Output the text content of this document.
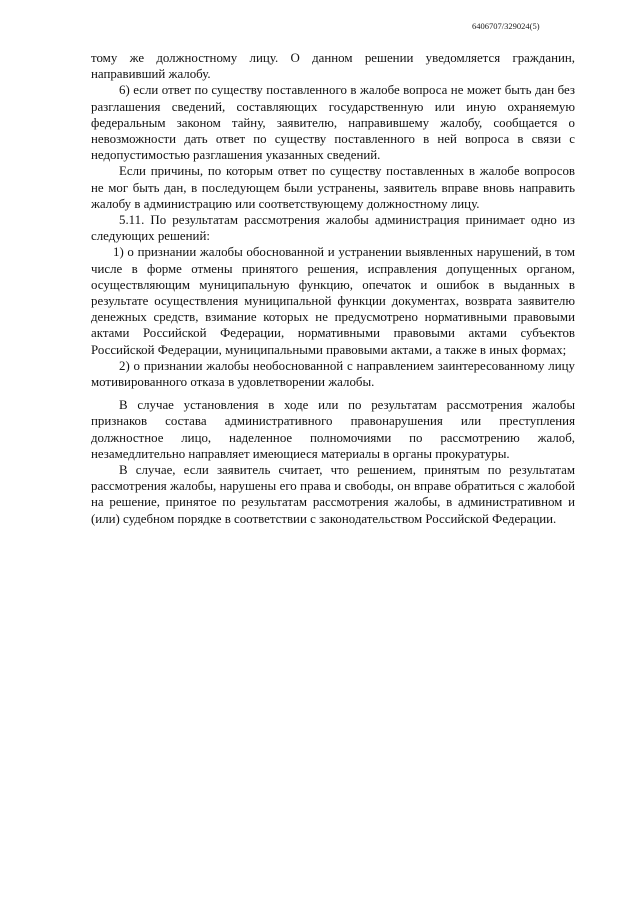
6406707/329024(5)

тому же должностному лицу. О данном решении уведомляется гражданин, направивший жалобу.

6) если ответ по существу поставленного в жалобе вопроса не может быть дан без разглашения сведений, составляющих государственную или иную охраняемую федеральным законом тайну, заявителю, направившему жалобу, сообщается о невозможности дать ответ по существу поставленного в ней вопроса в связи с недопустимостью разглашения указанных сведений.

Если причины, по которым ответ по существу поставленных в жалобе вопросов не мог быть дан, в последующем были устранены, заявитель вправе вновь направить жалобу в администрацию или соответствующему должностному лицу.

5.11. По результатам рассмотрения жалобы администрация принимает одно из следующих решений:

1) о признании жалобы обоснованной и устранении выявленных нарушений, в том числе в форме отмены принятого решения, исправления допущенных органом, осуществляющим муниципальную функцию, опечаток и ошибок в выданных в результате осуществления муниципальной функции документах, возврата заявителю денежных средств, взимание которых не предусмотрено нормативными правовыми актами Российской Федерации, нормативными правовыми актами субъектов Российской Федерации, муниципальными правовыми актами, а также в иных формах;

2) о признании жалобы необоснованной с направлением заинтересованному лицу мотивированного отказа в удовлетворении жалобы.

В случае установления в ходе или по результатам рассмотрения жалобы признаков состава административного правонарушения или преступления должностное лицо, наделенное полномочиями по рассмотрению жалоб, незамедлительно направляет имеющиеся материалы в органы прокуратуры.

В случае, если заявитель считает, что решением, принятым по результатам рассмотрения жалобы, нарушены его права и свободы, он вправе обратиться с жалобой на решение, принятое по результатам рассмотрения жалобы, в административном и (или) судебном порядке в соответствии с законодательством Российской Федерации.
